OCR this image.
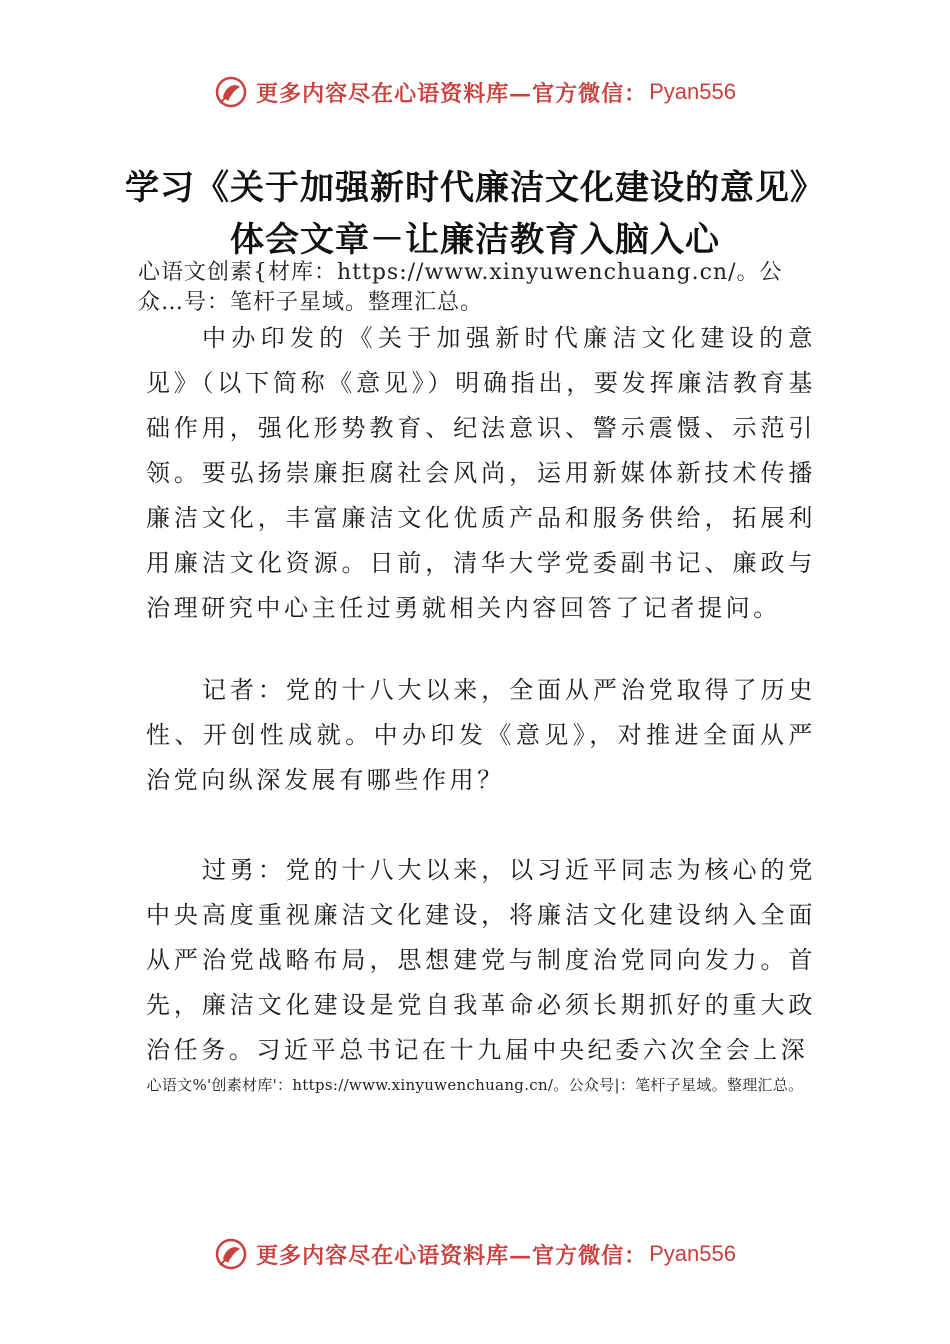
更多内容尽在心语资料库—官方微信： Pyan556
学习《关于加强新时代廉洁文化建设的意见》
体会文章－让廉洁教育入脑入心

心语文创素{材库：https://www.xinyuwenchuang.cn/。公众…号：笔杆子星域。整理汇总。

中办印发的《关于加强新时代廉洁文化建设的意见》（以下简称《意见》）明确指出，要发挥廉洁教育基础作用，强化形势教育、纪法意识、警示震慑、示范引领。要弘扬崇廉拒腐社会风尚，运用新媒体新技术传播廉洁文化，丰富廉洁文化优质产品和服务供给，拓展利用廉洁文化资源。日前，清华大学党委副书记、廉政与治理研究中心主任过勇就相关内容回答了记者提问。

记者：党的十八大以来，全面从严治党取得了历史性、开创性成就。中办印发《意见》，对推进全面从严治党向纵深发展有哪些作用？

过勇：党的十八大以来，以习近平同志为核心的党中央高度重视廉洁文化建设，将廉洁文化建设纳入全面从严治党战略布局，思想建党与制度治党同向发力。首先，廉洁文化建设是党自我革命必须长期抓好的重大政治任务。习近平总书记在十九届中央纪委六次全会上深

心语文%'创素材库'：https://www.xinyuwenchuang.cn/。公众号|：笔杆子星域。整理汇总。

更多内容尽在心语资料库—官方微信： Pyan556
